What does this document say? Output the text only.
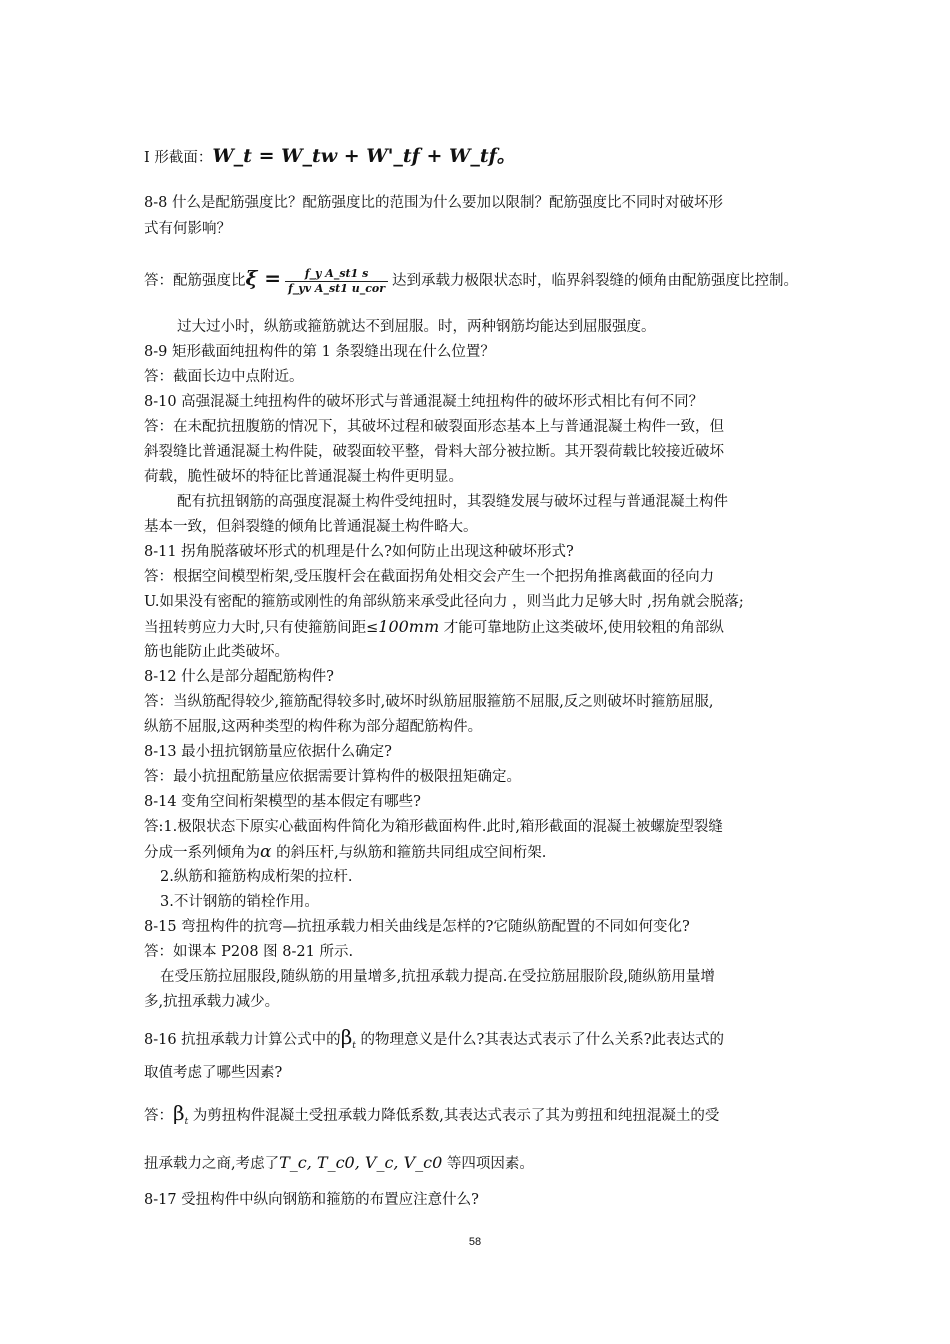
I 形截面：W_t = W_tw + W'_tf + W_tf。

8-8 什么是配筋强度比？配筋强度比的范围为什么要加以限制？配筋强度比不同时对破坏形

式有何影响？

答：配筋强度比$\xi = \frac{\text{f\_y A\_st1 s}}{\text{f\_yv A\_st1 u\_cor}}$ 达到承载力极限状态时，临界斜裂缝的倾角由配筋强度比控制。

过大过小时，纵筋或箍筋就达不到屈服。时，两种钢筋均能达到屈服强度。

8-9 矩形截面纯扭构件的第 1 条裂缝出现在什么位置？

答：截面长边中点附近。

8-10 高强混凝土纯扭构件的破坏形式与普通混凝土纯扭构件的破坏形式相比有何不同？

答：在未配抗扭腹筋的情况下，其破坏过程和破裂面形态基本上与普通混凝土构件一致，但

斜裂缝比普通混凝土构件陡，破裂面较平整，骨料大部分被拉断。其开裂荷载比较接近破坏

荷载，脆性破坏的特征比普通混凝土构件更明显。

配有抗扭钢筋的高强度混凝土构件受纯扭时，其裂缝发展与破坏过程与普通混凝土构件

基本一致，但斜裂缝的倾角比普通混凝土构件略大。

8-11 拐角脱落破坏形式的机理是什么?如何防止出现这种破坏形式?

答：根据空间模型桁架,受压腹杆会在截面拐角处相交会产生一个把拐角推离截面的径向力

U.如果没有密配的箍筋或刚性的角部纵筋来承受此径向力 ，则当此力足够大时 ,拐角就会脱落;

当扭转剪应力大时,只有使箍筋间距≤100mm 才能可靠地防止这类破坏,使用较粗的角部纵

筋也能防止此类破坏。

8-12 什么是部分超配筋构件?

答：当纵筋配得较少,箍筋配得较多时,破坏时纵筋屈服箍筋不屈服,反之则破坏时箍筋屈服,

纵筋不屈服,这两种类型的构件称为部分超配筋构件。

8-13 最小扭抗钢筋量应依据什么确定?

答：最小抗扭配筋量应依据需要计算构件的极限扭矩确定。

8-14 变角空间桁架模型的基本假定有哪些?

答:1.极限状态下原实心截面构件简化为箱形截面构件.此时,箱形截面的混凝土被螺旋型裂缝

分成一系列倾角为α 的斜压杆,与纵筋和箍筋共同组成空间桁架.

2.纵筋和箍筋构成桁架的拉杆.

3.不计钢筋的销栓作用。

8-15 弯扭构件的抗弯—抗扭承载力相关曲线是怎样的?它随纵筋配置的不同如何变化?

答：如课本 P208 图 8-21 所示.

在受压筋拉屈服段,随纵筋的用量增多,抗扭承载力提高.在受拉筋屈服阶段,随纵筋用量增

多,抗扭承载力减少。

8-16 抗扭承载力计算公式中的$\beta_t$ 的物理意义是什么?其表达式表示了什么关系?此表达式的

取值考虑了哪些因素?

答：$\beta_t$ 为剪扭构件混凝土受扭承载力降低系数,其表达式表示了其为剪扭和纯扭混凝土的受

扭承载力之商,考虑了T_c, T_c0, V_c, V_c0 等四项因素。

8-17 受扭构件中纵向钢筋和箍筋的布置应注意什么?

58
